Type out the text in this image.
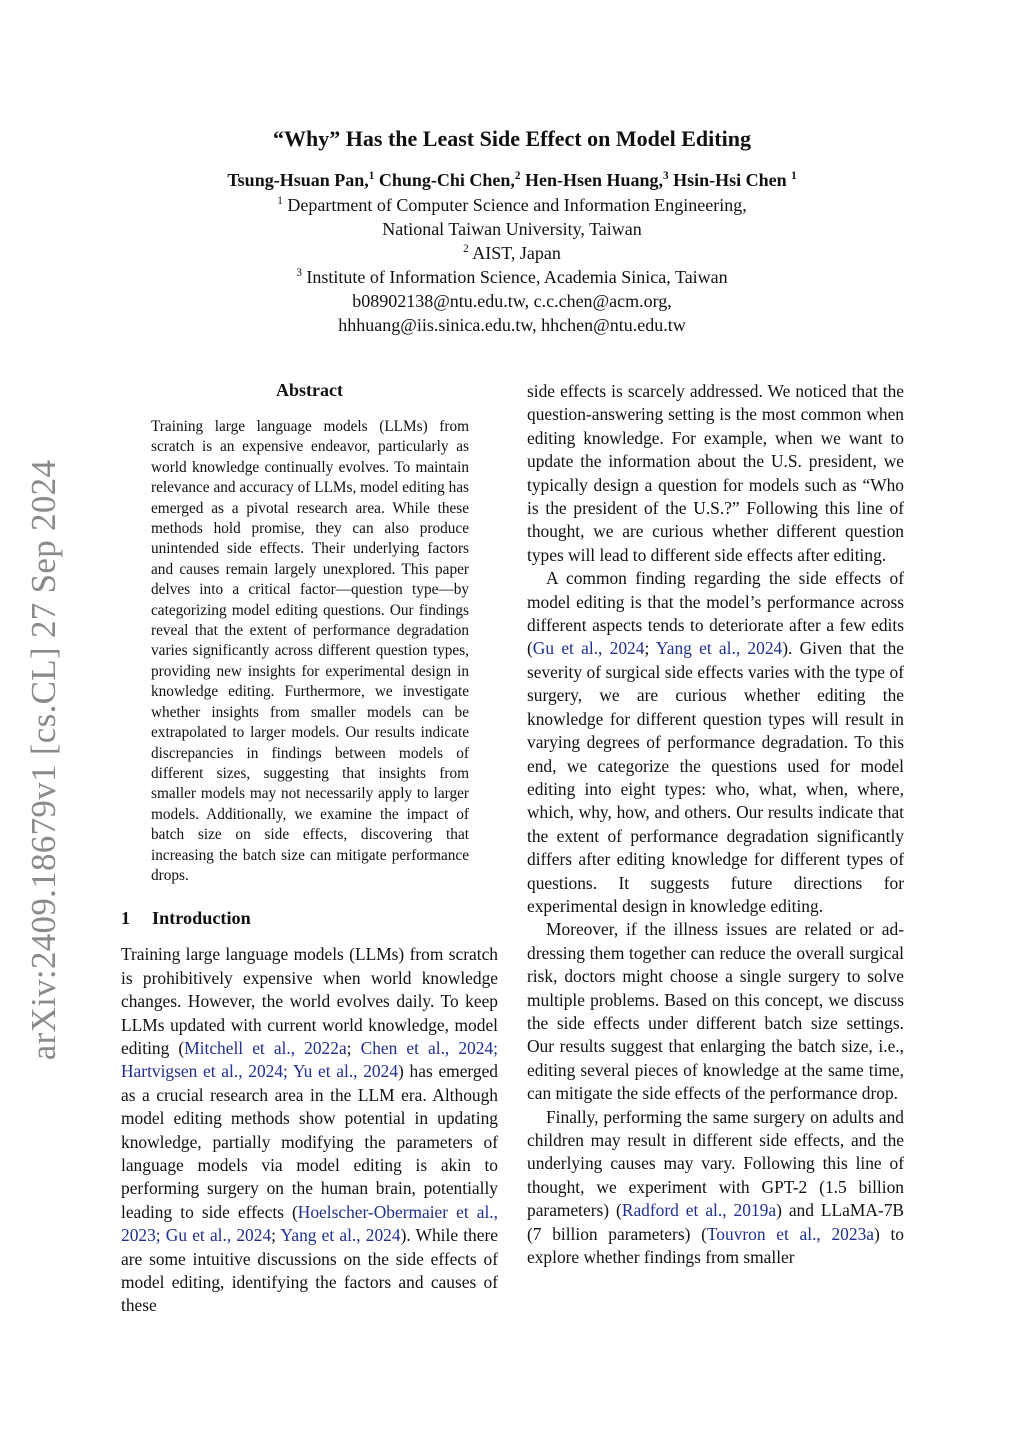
arXiv:2409.18679v1 [cs.CL] 27 Sep 2024
“Why” Has the Least Side Effect on Model Editing

Tsung-Hsuan Pan,$^1$ Chung-Chi Chen,$^2$ Hen-Hsen Huang,$^3$ Hsin-Hsi Chen $^1$

$^1$ Department of Computer Science and Information Engineering,

National Taiwan University, Taiwan

$^2$ AIST, Japan

$^3$ Institute of Information Science, Academia Sinica, Taiwan

b08902138@ntu.edu.tw, c.c.chen@acm.org,

hhhuang@iis.sinica.edu.tw, hhchen@ntu.edu.tw

Abstract

Training large language models (LLMs) from scratch is an expensive endeavor, particularly as world knowledge continually evolves. To maintain relevance and accuracy of LLMs, model editing has emerged as a pivotal research area. While these methods hold promise, they can also produce unintended side effects. Their underlying factors and causes remain largely unexplored. This paper delves into a critical factor—question type—by categorizing model editing questions. Our findings reveal that the extent of performance degradation varies significantly across different question types, providing new insights for experimental design in knowledge editing. Furthermore, we investigate whether insights from smaller models can be extrapolated to larger models. Our results indicate discrepancies in findings between models of different sizes, suggesting that insights from smaller models may not necessarily apply to larger models. Additionally, we examine the impact of batch size on side effects, discovering that increasing the batch size can mitigate performance drops.

1 Introduction

Training large language models (LLMs) from scratch is prohibitively expensive when world knowledge changes. However, the world evolves daily. To keep LLMs updated with current world knowledge, model editing (Mitchell et al., 2022a; Chen et al., 2024; Hartvigsen et al., 2024; Yu et al., 2024) has emerged as a crucial research area in the LLM era. Although model editing methods show potential in updating knowledge, partially modifying the parameters of language models via model editing is akin to performing surgery on the human brain, potentially leading to side effects (Hoelscher-Obermaier et al., 2023; Gu et al., 2024; Yang et al., 2024). While there are some intuitive discussions on the side effects of model editing, identifying the factors and causes of these

side effects is scarcely addressed. We noticed that the question-answering setting is the most common when editing knowledge. For example, when we want to update the information about the U.S. president, we typically design a question for models such as “Who is the president of the U.S.?” Following this line of thought, we are curious whether different question types will lead to different side effects after editing.

A common finding regarding the side effects of model editing is that the model’s performance across different aspects tends to deteriorate after a few edits (Gu et al., 2024; Yang et al., 2024). Given that the severity of surgical side effects varies with the type of surgery, we are curious whether editing the knowledge for different question types will result in varying degrees of performance degradation. To this end, we categorize the questions used for model editing into eight types: who, what, when, where, which, why, how, and others. Our results indicate that the extent of performance degradation significantly differs after editing knowledge for different types of questions. It suggests future directions for experimental design in knowledge editing.

Moreover, if the illness issues are related or addressing them together can reduce the overall surgical risk, doctors might choose a single surgery to solve multiple problems. Based on this concept, we discuss the side effects under different batch size settings. Our results suggest that enlarging the batch size, i.e., editing several pieces of knowledge at the same time, can mitigate the side effects of the performance drop.

Finally, performing the same surgery on adults and children may result in different side effects, and the underlying causes may vary. Following this line of thought, we experiment with GPT-2 (1.5 billion parameters) (Radford et al., 2019a) and LLaMA-7B (7 billion parameters) (Touvron et al., 2023a) to explore whether findings from smaller
